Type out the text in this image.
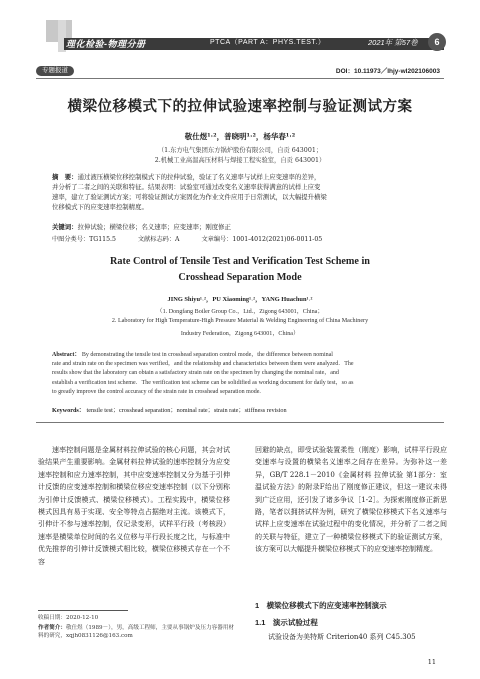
理化检验-物理分册	PTCA（PART A：PHYS.TEST.）	2021年 第57卷	6
专题报道	DOI：10.11973／lhjy-wl202106003
横梁位移模式下的拉伸试验速率控制与验证测试方案
敬仕煜¹˒²，普晓明¹˒²，杨华春¹˒²
（1.东方电气集团东方锅炉股份有限公司，自贡 643001；
2.机械工业高温高压材料与焊接工程实验室，自贡 643001）
摘　要：通过液压横梁位移控制模式下的拉伸试验，验证了名义速率与试样上应变速率的差异，
并分析了二者之间的关联和特征。结果表明：试验室可通过改变名义速率获得满意的试样上应变
速率，建立了验证测试方案；可将验证测试方案固化为作业文件应用于日常测试，以大幅提升横梁
位移模式下的应变速率控制精度。
关键词：拉伸试验；横梁位移；名义速率；应变速率；刚度修正
中图分类号：TG115.5	文献标志码：A	文章编号：1001-4012(2021)06-0011-05
Rate Control of Tensile Test and Verification Test Scheme in
Crosshead Separation Mode
JING Shiyu¹˒²，PU Xiaoming¹˒²，YANG Huachun¹˒²
（1. Dongfang Boiler Group Co.，Ltd.，Zigong 643001，China；
2. Laboratory for High Temperature-High Pressure Material & Welding Engineering of China Machinery
Industry Federation，Zigong 643001，China）
Abstract： By demonstrating the tensile test in crosshead separation control mode，the difference between nominal
rate and strain rate on the specimen was verified，and the relationship and characteristics between them were analyzed．The
results show that the laboratory can obtain a satisfactory strain rate on the specimen by changing the nominal rate，and
establish a verification test scheme．The verification test scheme can be solidified as working document for daily test，so as
to greatly improve the control accuracy of the strain rate in crosshead separation mode.
Keywords： tensile test；crosshead separation；nominal rate；strain rate；stiffness revision
速率控制问题是金属材料拉伸试验的核心问题，其会对试验结果产生重要影响。金属材料拉伸试验的速率控制分为应变速率控制和应力速率控制，其中应变速率控制又分为基于引伸计反馈的应变速率控制和横梁位移应变速率控制（以下分别称为引伸计反馈模式、横梁位移模式）。工程实践中，横梁位移模式因具有易于实现、安全等特点占据绝对主流。该模式下，引伸计不参与速率控制，仅记录变形，试样平行段（考核段）速率是横梁单位时间的名义位移与平行段长度之比，与标准中优先推荐的引伸计反馈模式相比较，横梁位移模式存在一个不容
回避的缺点，即受试验装置柔性（刚度）影响，试样平行段应变速率与设置的横梁名义速率之间存在差异。为弥补这一差异，GB/T 228.1－2010《金属材料 拉伸试验 第1部分：室温试验方法》的附录F给出了刚度修正建议，但这一建议未得到广泛应用，还引发了诸多争议［1-2］。为探索刚度修正新思路，笔者以拥挤试样为例，研究了横梁位移模式下名义速率与试样上应变速率在试验过程中的变化情况，并分析了二者之间的关联与特征，建立了一种横梁位移模式下的验证测试方案，该方案可以大幅提升横梁位移模式下的应变速率控制精度。
收稿日期：2020-12-10
作者简介：敬仕煜（1989－），男，高级工程师，主要从事锅炉及压力容器用材料的研究，xqjh0831126@163.com
1　横梁位移模式下的应变速率控制演示
1.1　演示试验过程
试验设备为美特斯 Criterion40 系列 C45.305
11
